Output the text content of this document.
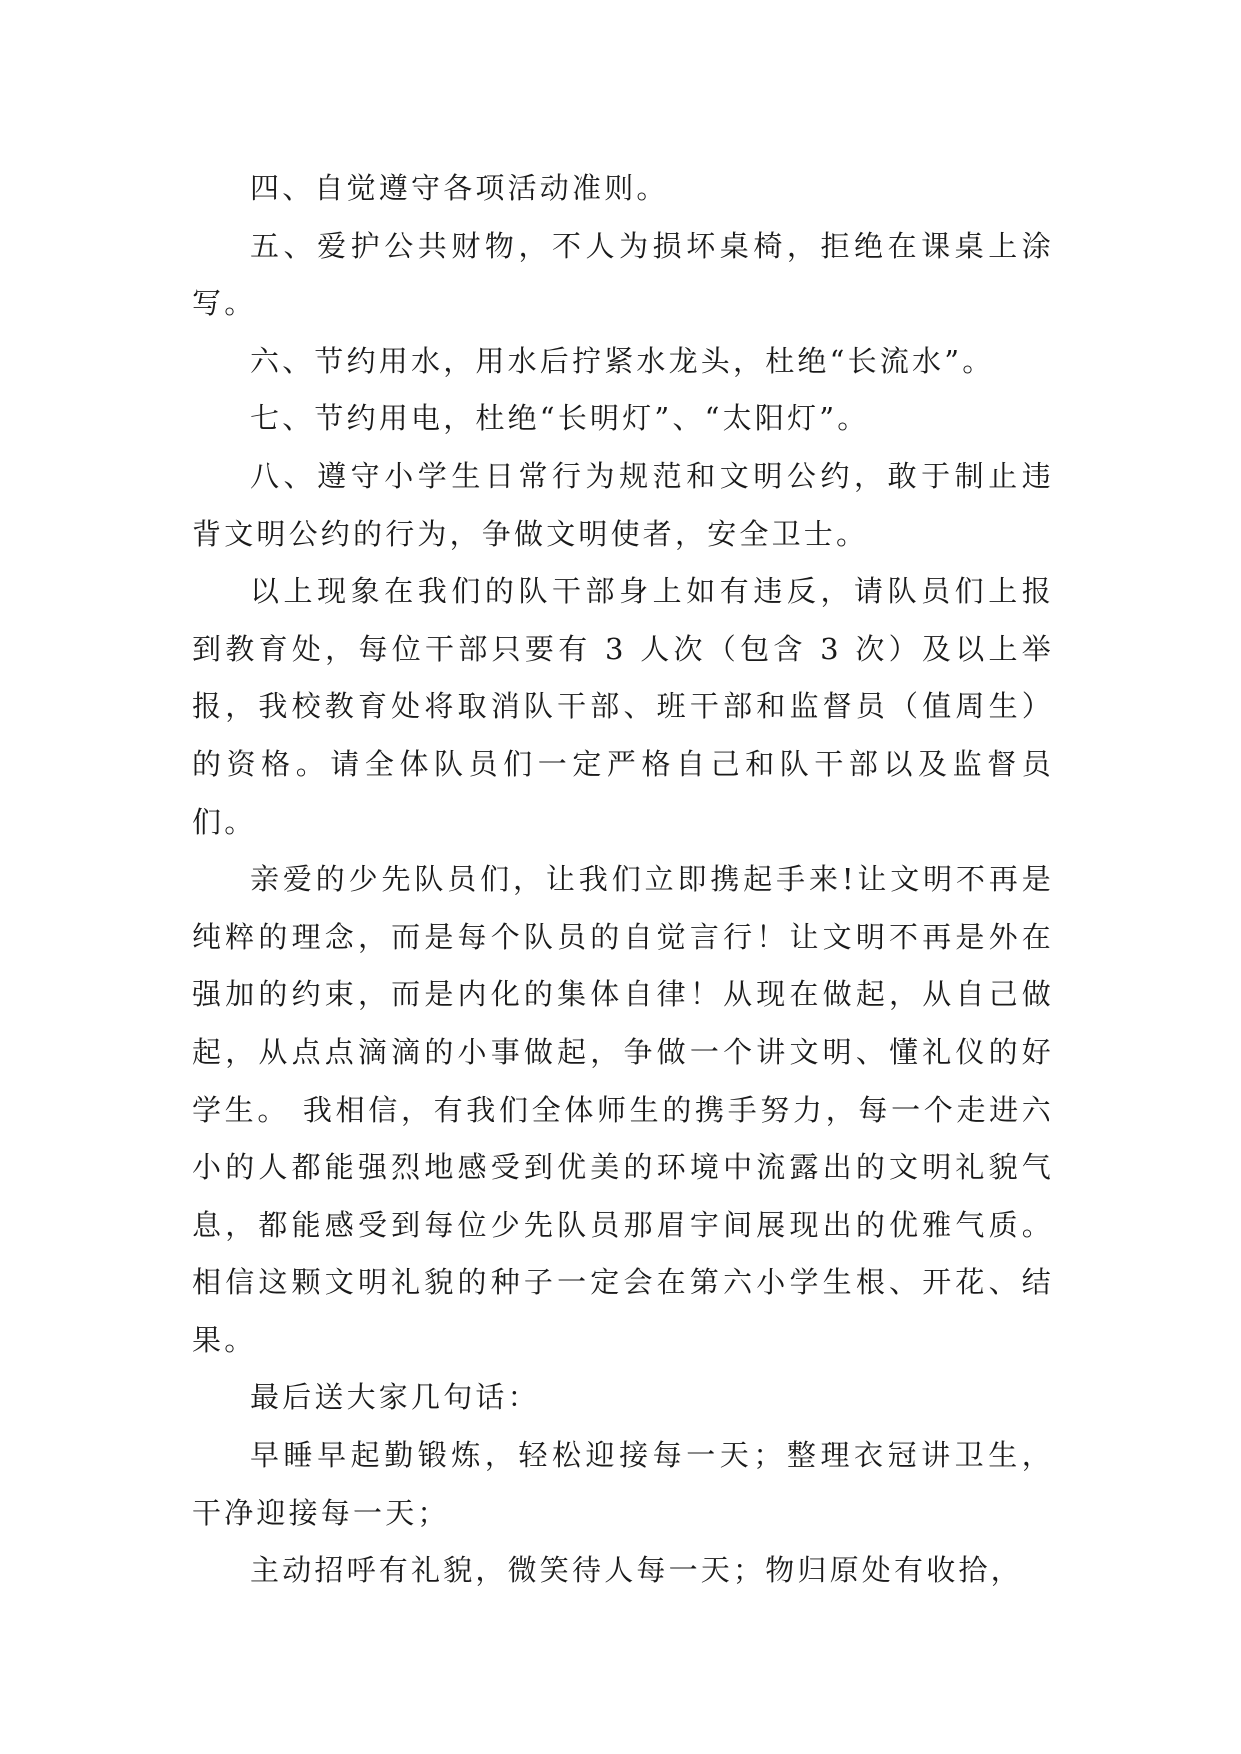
四、自觉遵守各项活动准则。

五、爱护公共财物，不人为损坏桌椅，拒绝在课桌上涂写。

六、节约用水，用水后拧紧水龙头，杜绝“长流水”。

七、节约用电，杜绝“长明灯”、“太阳灯”。

八、遵守小学生日常行为规范和文明公约，敢于制止违背文明公约的行为，争做文明使者，安全卫士。

以上现象在我们的队干部身上如有违反，请队员们上报到教育处，每位干部只要有 3 人次（包含 3 次）及以上举报，我校教育处将取消队干部、班干部和监督员（值周生）的资格。请全体队员们一定严格自己和队干部以及监督员们。

亲爱的少先队员们，让我们立即携起手来!让文明不再是纯粹的理念，而是每个队员的自觉言行！让文明不再是外在强加的约束，而是内化的集体自律！从现在做起，从自己做起，从点点滴滴的小事做起，争做一个讲文明、懂礼仪的好学生。 我相信，有我们全体师生的携手努力，每一个走进六小的人都能强烈地感受到优美的环境中流露出的文明礼貌气息，都能感受到每位少先队员那眉宇间展现出的优雅气质。相信这颗文明礼貌的种子一定会在第六小学生根、开花、结果。

最后送大家几句话：

早睡早起勤锻炼，轻松迎接每一天；整理衣冠讲卫生，干净迎接每一天；

主动招呼有礼貌，微笑待人每一天；物归原处有收拾，
